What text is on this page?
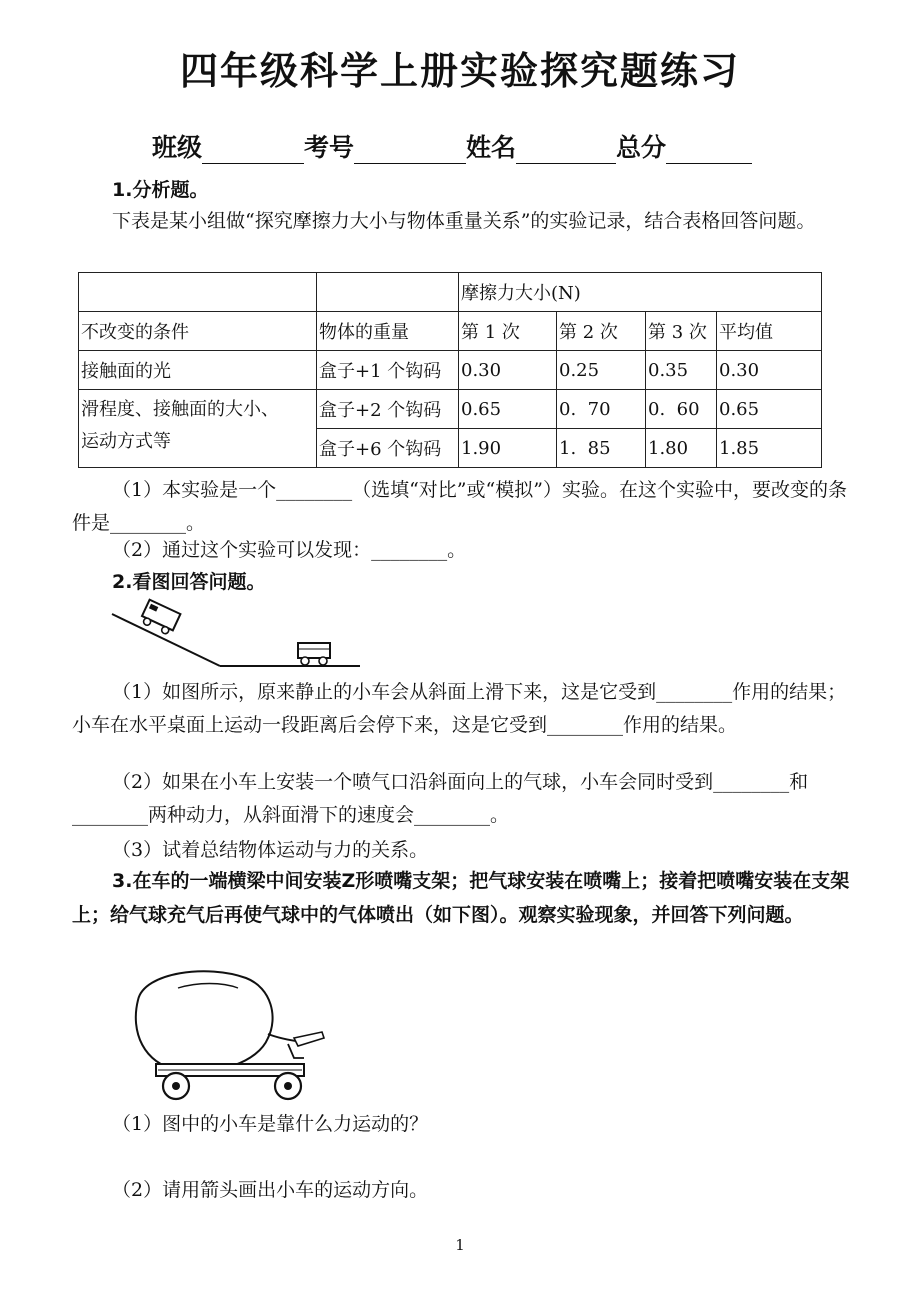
四年级科学上册实验探究题练习
班级	考号	姓名	总分
1.分析题。
下表是某小组做“探究摩擦力大小与物体重量关系”的实验记录，结合表格回答问题。
		摩擦力大小(N)			
不改变的条件	物体的重量	第 1 次	第 2 次	第 3 次	平均值
接触面的光	盒子+1 个钩码	0.30	0.25	0.35	0.30

滑程度、接触面的大小、
运动方式等	盒子+2 个钩码	0.65	0.  70	0.  60	0.65
	盒子+6 个钩码	1.90	1.  85	1.80	1.85
（1）本实验是一个________（选填“对比”或“模拟”）实验。在这个实验中，要改变的条件是________。
（2）通过这个实验可以发现：________。
2.看图回答问题。
（1）如图所示，原来静止的小车会从斜面上滑下来，这是它受到________作用的结果；小车在水平桌面上运动一段距离后会停下来，这是它受到________作用的结果。
（2）如果在小车上安装一个喷气口沿斜面向上的气球，小车会同时受到________和________两种动力，从斜面滑下的速度会________。
（3）试着总结物体运动与力的关系。
3.在车的一端横梁中间安装Z形喷嘴支架；把气球安装在喷嘴上；接着把喷嘴安装在支架上；给气球充气后再使气球中的气体喷出（如下图）。观察实验现象，并回答下列问题。
（1）图中的小车是靠什么力运动的？
（2）请用箭头画出小车的运动方向。
1
